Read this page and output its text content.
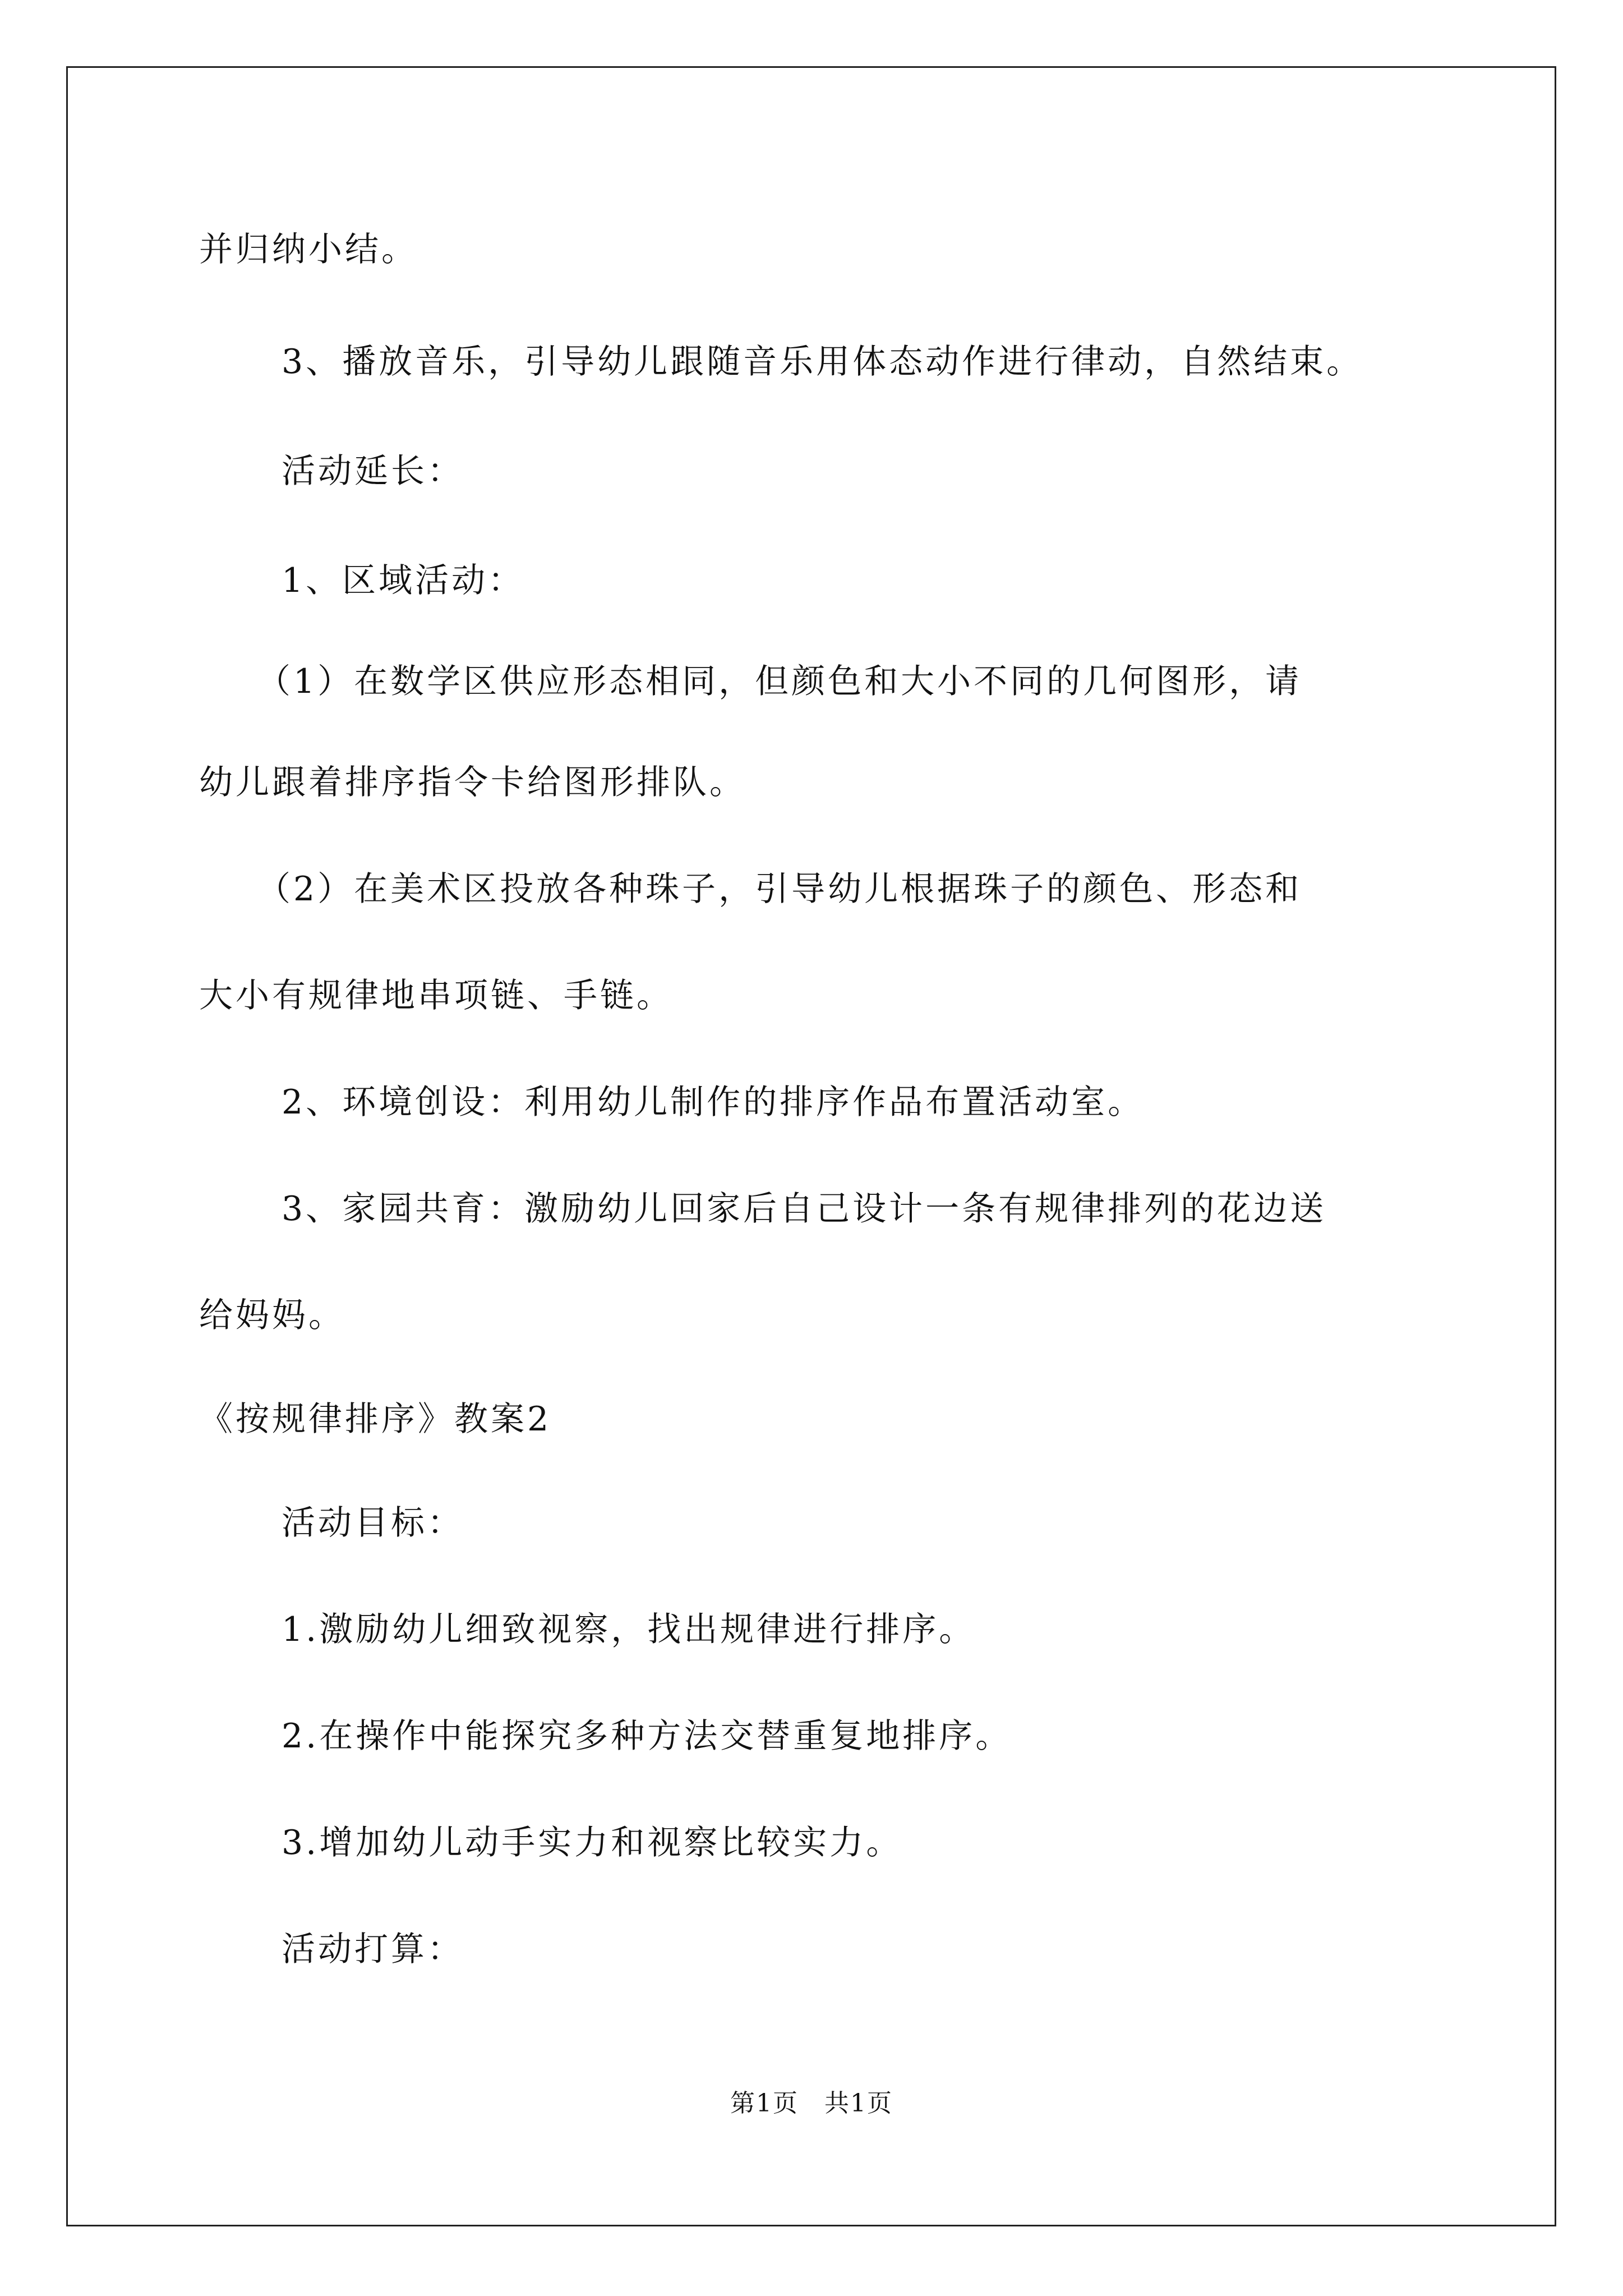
并归纳小结。
3、播放音乐，引导幼儿跟随音乐用体态动作进行律动，自然结束。
活动延长：
1、区域活动：
（1）在数学区供应形态相同，但颜色和大小不同的几何图形，请
幼儿跟着排序指令卡给图形排队。
（2）在美术区投放各种珠子，引导幼儿根据珠子的颜色、形态和
大小有规律地串项链、手链。
2、环境创设：利用幼儿制作的排序作品布置活动室。
3、家园共育：激励幼儿回家后自己设计一条有规律排列的花边送
给妈妈。
《按规律排序》教案2
活动目标：
1.激励幼儿细致视察，找出规律进行排序。
2.在操作中能探究多种方法交替重复地排序。
3.增加幼儿动手实力和视察比较实力。
活动打算：
第1页　共1页
